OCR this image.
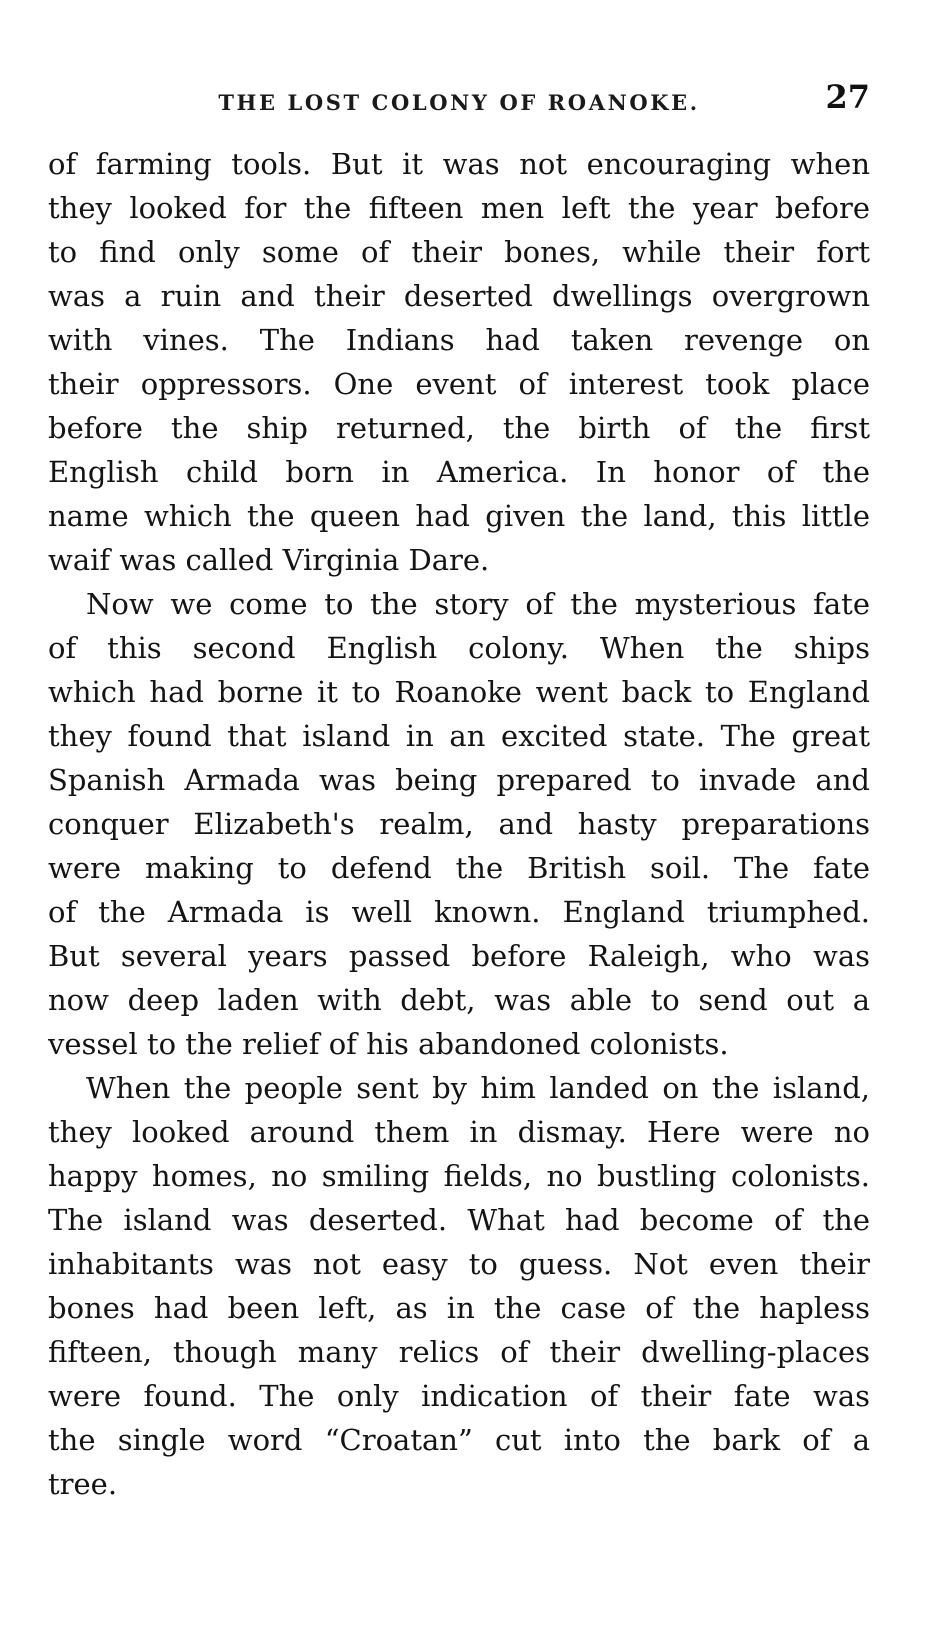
THE LOST COLONY OF ROANOKE.	27
of farming tools. But it was not encouraging when
they looked for the fifteen men left the year before
to find only some of their bones, while their fort
was a ruin and their deserted dwellings overgrown
with vines. The Indians had taken revenge on
their oppressors. One event of interest took place
before the ship returned, the birth of the first
English child born in America. In honor of the
name which the queen had given the land, this little
waif was called Virginia Dare.
Now we come to the story of the mysterious fate
of this second English colony. When the ships
which had borne it to Roanoke went back to England
they found that island in an excited state. The great
Spanish Armada was being prepared to invade and
conquer Elizabeth's realm, and hasty preparations
were making to defend the British soil. The fate
of the Armada is well known. England triumphed.
But several years passed before Raleigh, who was
now deep laden with debt, was able to send out a
vessel to the relief of his abandoned colonists.
When the people sent by him landed on the island,
they looked around them in dismay. Here were no
happy homes, no smiling fields, no bustling colonists.
The island was deserted. What had become of the
inhabitants was not easy to guess. Not even their
bones had been left, as in the case of the hapless
fifteen, though many relics of their dwelling-places
were found. The only indication of their fate was
the single word “Croatan” cut into the bark of a
tree.
